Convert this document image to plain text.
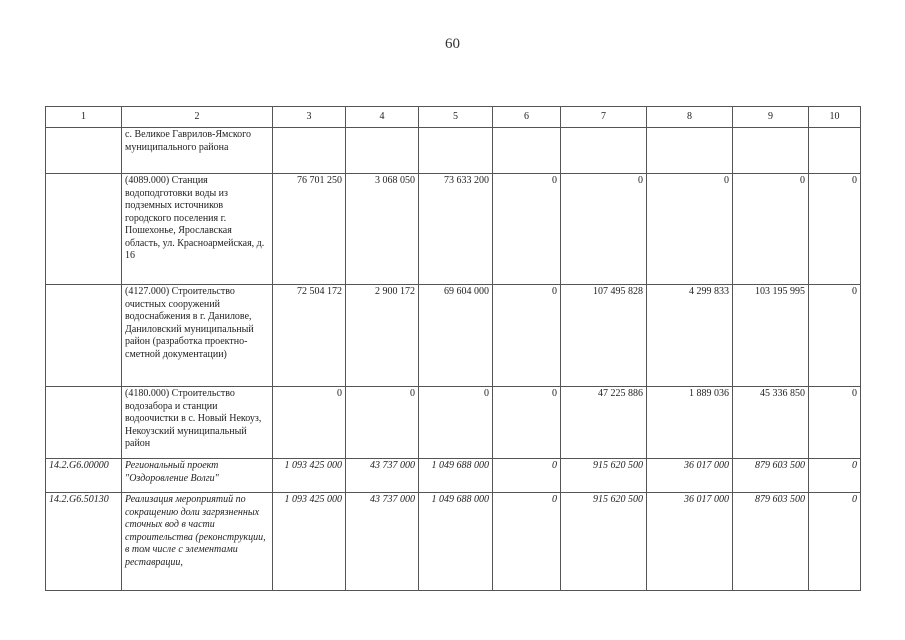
60
1	2	3	4	5	6	7	8	9	10
	с. Великое Гаврилов-Ямского муниципального района								
	(4089.000) Станция водоподготовки воды из подземных источников городского поселения г. Пошехонье, Ярославская область, ул. Красноармейская, д. 16	76 701 250	3 068 050	73 633 200	0	0	0	0	0
	(4127.000) Строительство очистных сооружений водоснабжения в г. Данилове, Даниловский муниципальный район (разработка проектно-сметной документации)	72 504 172	2 900 172	69 604 000	0	107 495 828	4 299 833	103 195 995	0
	(4180.000) Строительство водозабора и станции водоочистки в с. Новый Некоуз, Некоузский муниципальный район	0	0	0	0	47 225 886	1 889 036	45 336 850	0
14.2.G6.00000	Региональный проект "Оздоровление Волги"	1 093 425 000	43 737 000	1 049 688 000	0	915 620 500	36 017 000	879 603 500	0
14.2.G6.50130	Реализация мероприятий по сокращению доли загрязненных сточных вод в части строительства (реконструкции, в том числе с элементами реставрации,	1 093 425 000	43 737 000	1 049 688 000	0	915 620 500	36 017 000	879 603 500	0
